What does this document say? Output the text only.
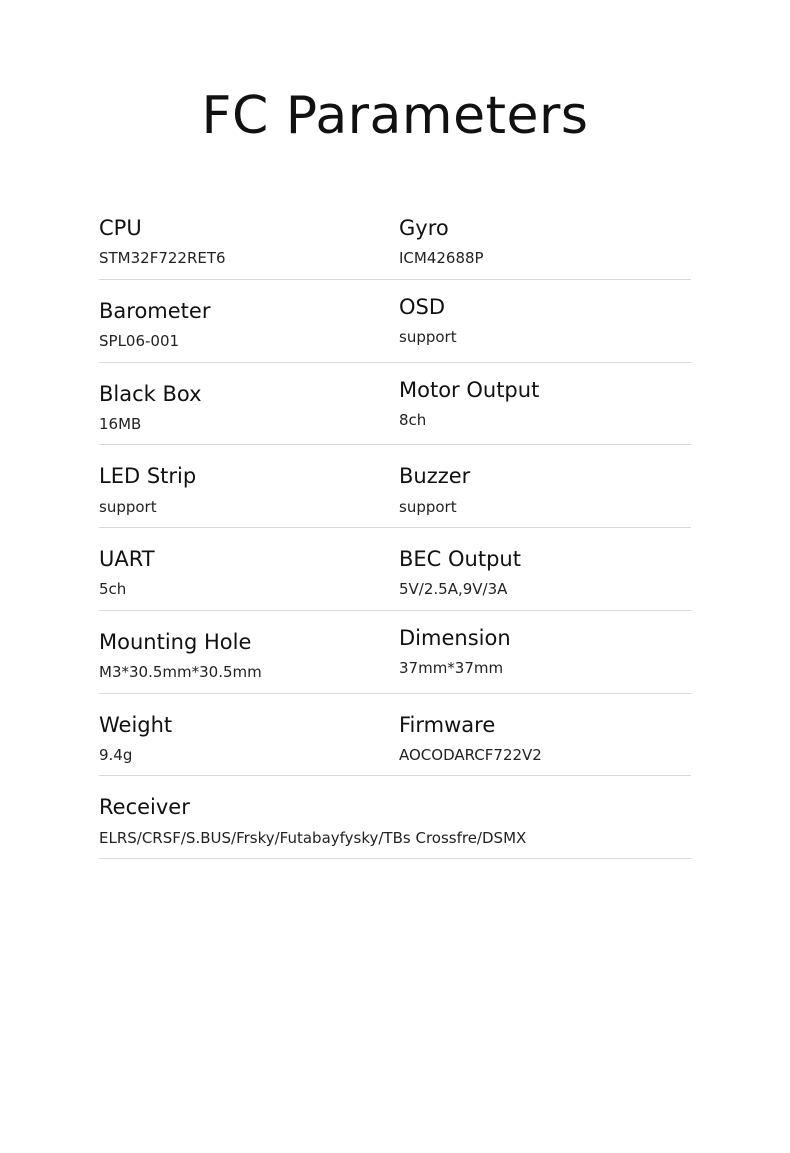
FC Parameters
CPU
STM32F722RET6
Gyro
ICM42688P
Barometer
SPL06-001
OSD
support
Black Box
16MB
Motor Output
8ch
LED Strip
support
Buzzer
support
UART
5ch
BEC Output
5V/2.5A,9V/3A
Mounting Hole
M3*30.5mm*30.5mm
Dimension
37mm*37mm
Weight
9.4g
Firmware
AOCODARCF722V2
Receiver
ELRS/CRSF/S.BUS/Frsky/Futabayfysky/TBs Crossfre/DSMX
